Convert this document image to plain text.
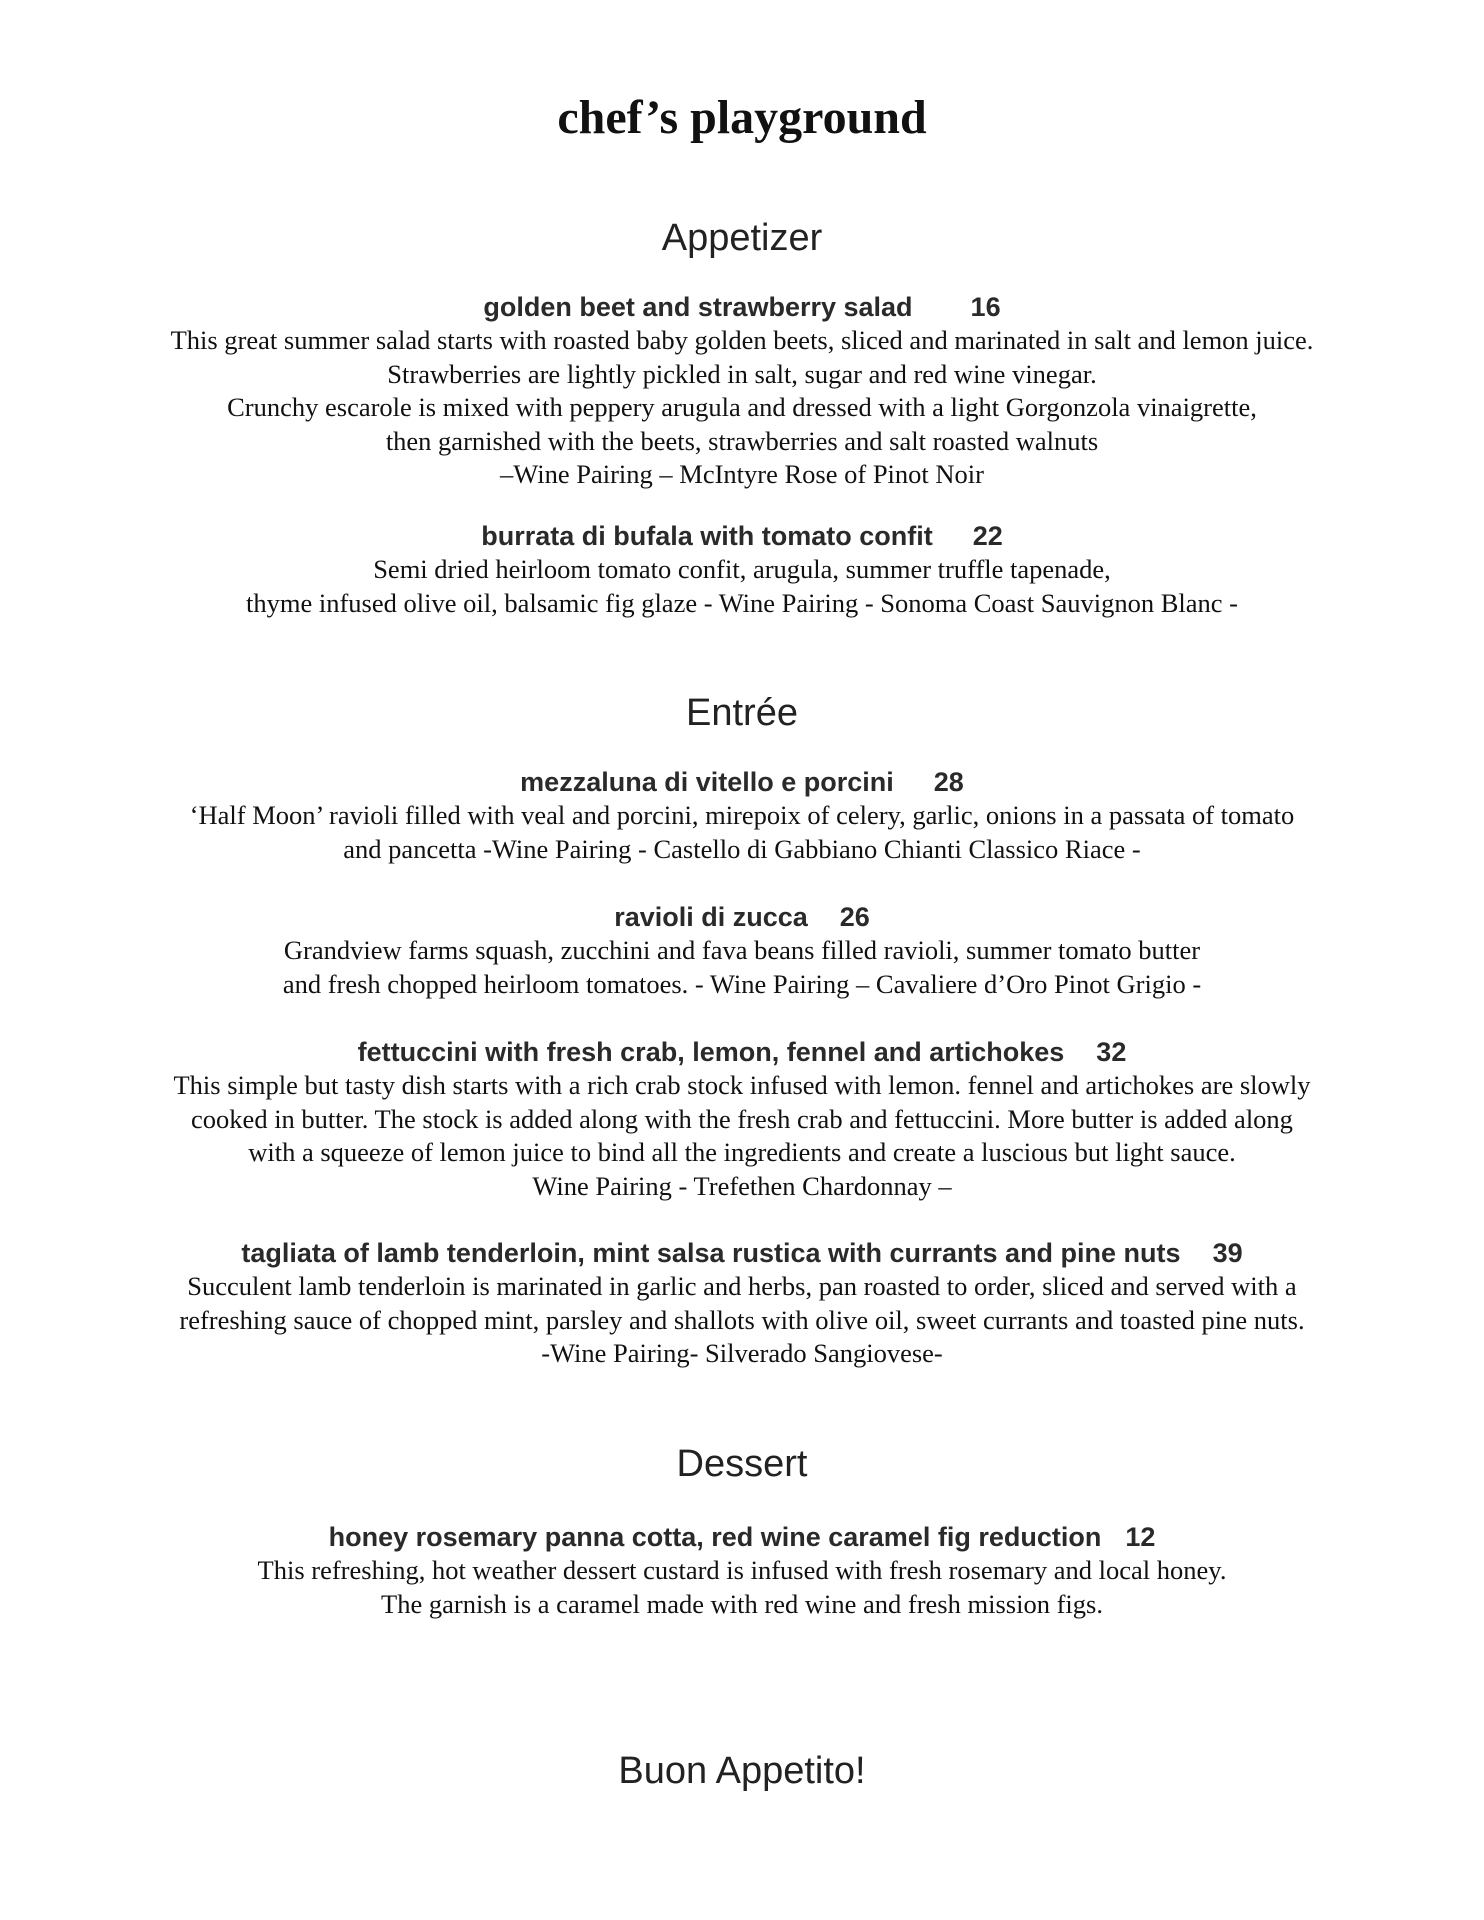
chef’s playground
Appetizer
golden beet and strawberry salad 16
This great summer salad starts with roasted baby golden beets, sliced and marinated in salt and lemon juice.
Strawberries are lightly pickled in salt, sugar and red wine vinegar.
Crunchy escarole is mixed with peppery arugula and dressed with a light Gorgonzola vinaigrette,
then garnished with the beets, strawberries and salt roasted walnuts
–Wine Pairing – McIntyre Rose of Pinot Noir
burrata di bufala with tomato confit 22
Semi dried heirloom tomato confit, arugula, summer truffle tapenade,
thyme infused olive oil, balsamic fig glaze - Wine Pairing - Sonoma Coast Sauvignon Blanc -
Entrée
mezzaluna di vitello e porcini 28
‘Half Moon’ ravioli filled with veal and porcini, mirepoix of celery, garlic, onions in a passata of tomato
and pancetta -Wine Pairing - Castello di Gabbiano Chianti Classico Riace -
ravioli di zucca 26
Grandview farms squash, zucchini and fava beans filled ravioli, summer tomato butter
and fresh chopped heirloom tomatoes. - Wine Pairing – Cavaliere d’Oro Pinot Grigio -
fettuccini with fresh crab, lemon, fennel and artichokes 32
This simple but tasty dish starts with a rich crab stock infused with lemon. fennel and artichokes are slowly
cooked in butter. The stock is added along with the fresh crab and fettuccini. More butter is added along
with a squeeze of lemon juice to bind all the ingredients and create a luscious but light sauce.
Wine Pairing - Trefethen Chardonnay –
tagliata of lamb tenderloin, mint salsa rustica with currants and pine nuts 39
Succulent lamb tenderloin is marinated in garlic and herbs, pan roasted to order, sliced and served with a
refreshing sauce of chopped mint, parsley and shallots with olive oil, sweet currants and toasted pine nuts.
-Wine Pairing- Silverado Sangiovese-
Dessert
honey rosemary panna cotta, red wine caramel fig reduction 12
This refreshing, hot weather dessert custard is infused with fresh rosemary and local honey.
The garnish is a caramel made with red wine and fresh mission figs.
Buon Appetito!
